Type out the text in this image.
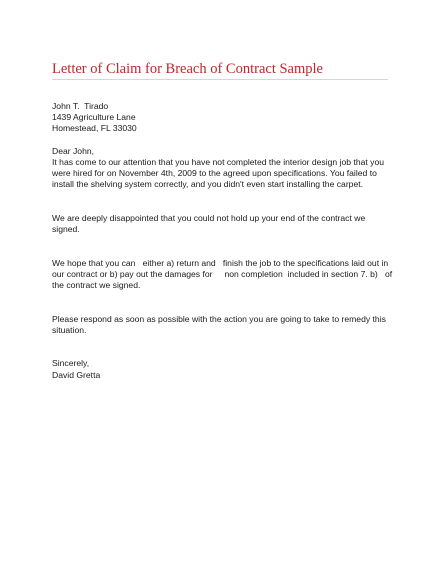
Letter of Claim for Breach of Contract Sample
John T.  Tirado
1439 Agriculture Lane
Homestead, FL 33030
Dear John,
It has come to our attention that you have not completed the interior design job that you
were hired for on November 4th, 2009 to the agreed upon specifications. You failed to
install the shelving system correctly, and you didn't even start installing the carpet.
We are deeply disappointed that you could not hold up your end of the contract we
signed.
We hope that you can   either a) return and   finish the job to the specifications laid out in
our contract or b) pay out the damages for     non completion  included in section 7. b)   of
the contract we signed.
Please respond as soon as possible with the action you are going to take to remedy this
situation.
Sincerely,
David Gretta
